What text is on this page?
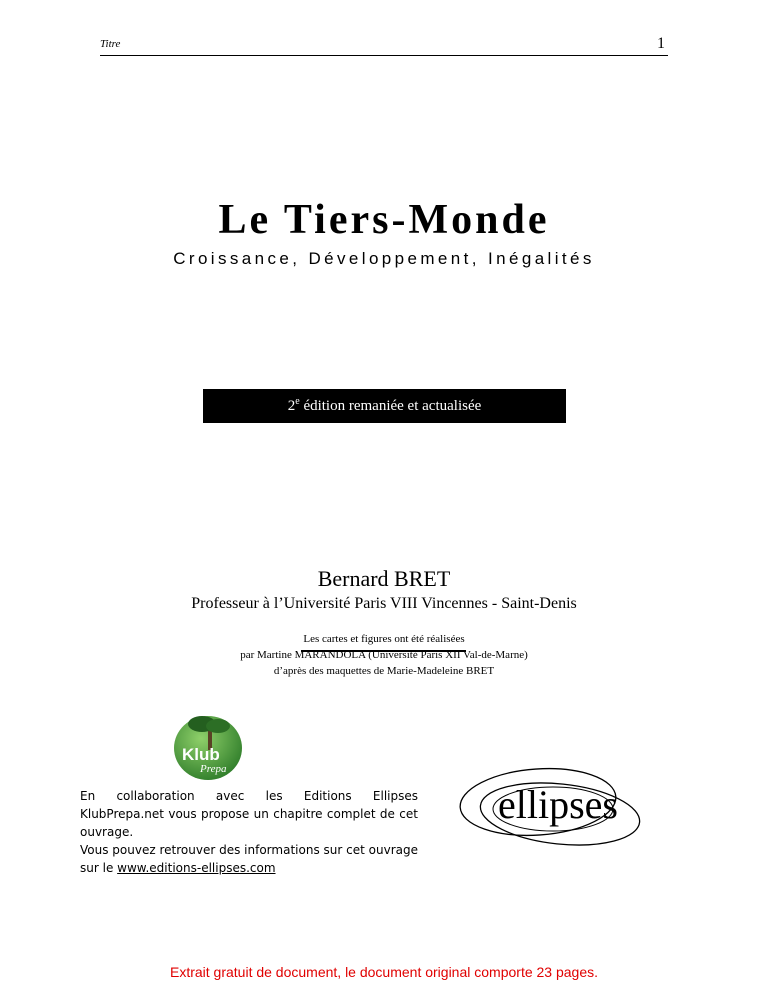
Titre	1
Le Tiers-Monde
Croissance, Développement, Inégalités
2e édition remaniée et actualisée
Bernard BRET
Professeur à l’Université Paris VIII Vincennes - Saint-Denis
Les cartes et figures ont été réalisées
par Martine MARANDOLA (Université Paris XII Val-de-Marne)
d’après des maquettes de Marie-Madeleine BRET
Klub
Prepa

En collaboration avec les Editions Ellipses KlubPrepa.net vous propose un chapitre complet de cet ouvrage.

Vous pouvez retrouver des informations sur cet ouvrage sur le www.editions-ellipses.com

ellipses
Extrait gratuit de document, le document original comporte 23 pages.
